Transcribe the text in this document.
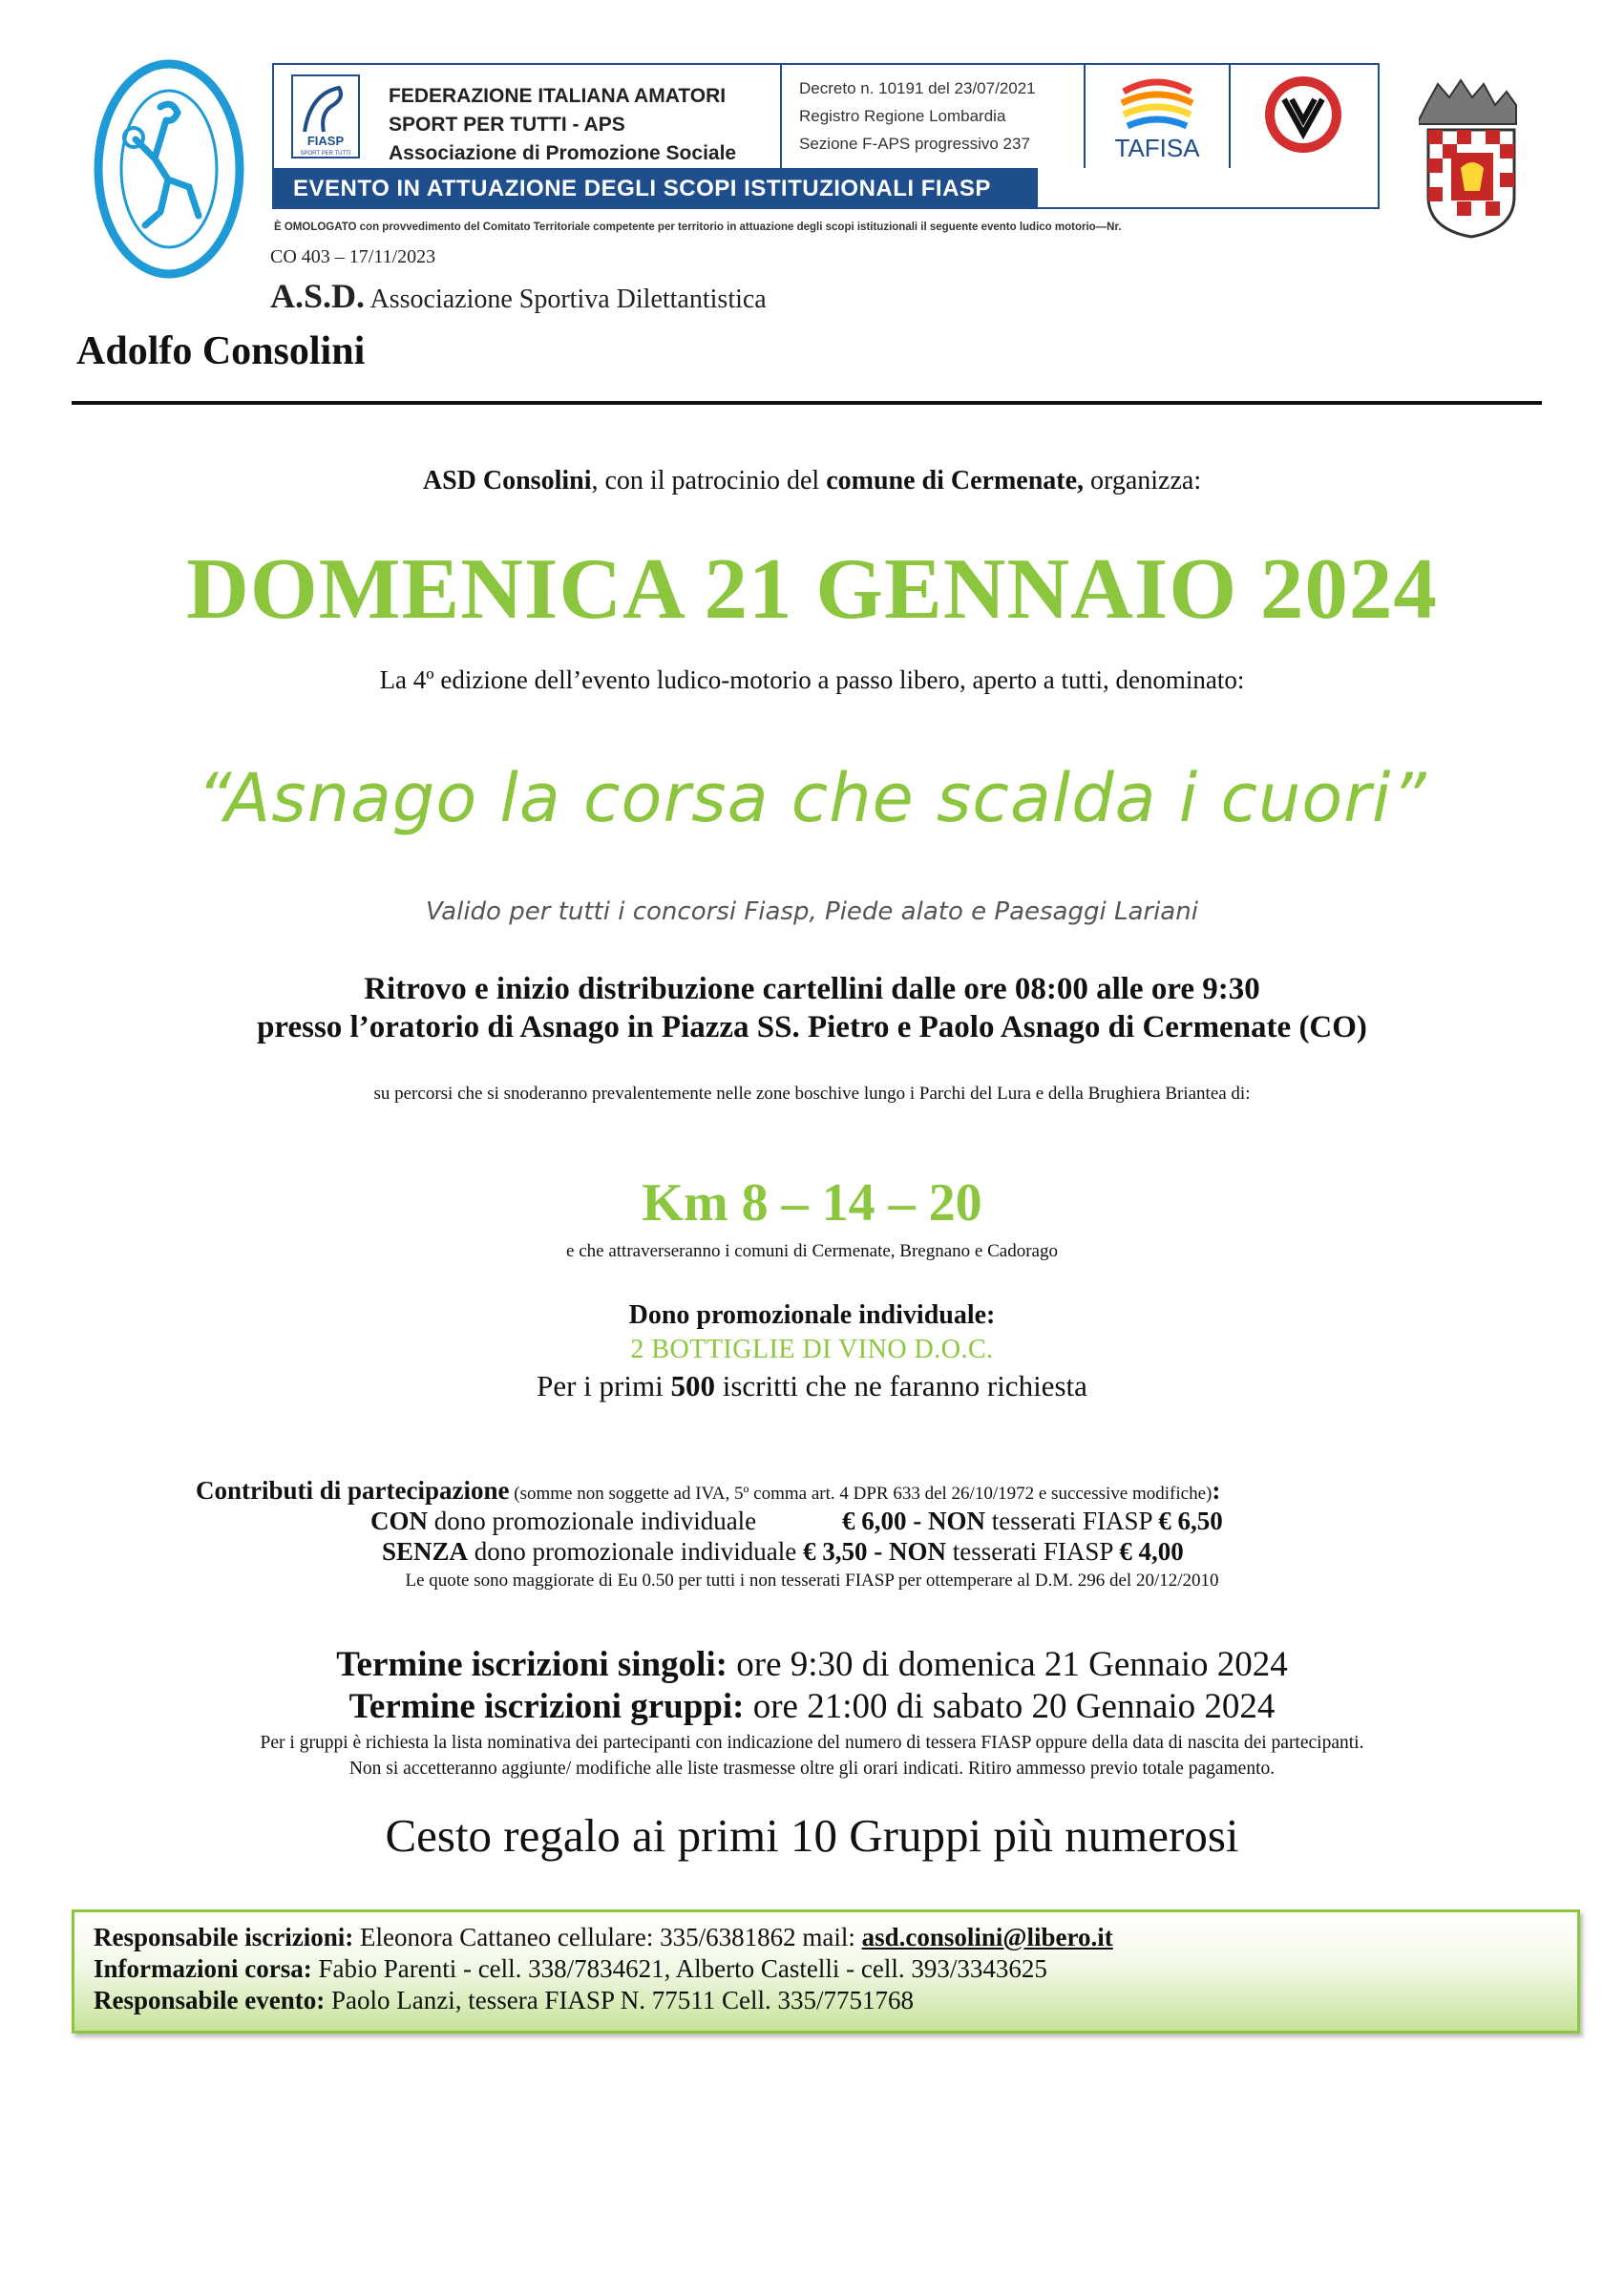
FIASP
SPORT PER TUTTI
FEDERAZIONE ITALIANA AMATORI
SPORT PER TUTTI - APS
Associazione di Promozione Sociale
Decreto n. 10191 del 23/07/2021
Registro Regione Lombardia
Sezione F-APS progressivo 237	TAFISA
EVENTO IN ATTUAZIONE DEGLI SCOPI ISTITUZIONALI FIASP
È OMOLOGATO con provvedimento del Comitato Territoriale competente per territorio in attuazione degli scopi istituzionali il seguente evento ludico motorio—Nr.
CO 403 – 17/11/2023
A.S.D. Associazione Sportiva Dilettantistica
Adolfo Consolini
ASD Consolini, con il patrocinio del comune di Cermenate, organizza:
DOMENICA 21 GENNAIO 2024
La 4º edizione dell’evento ludico-motorio a passo libero, aperto a tutti, denominato:
“Asnago la corsa che scalda i cuori”
Valido per tutti i concorsi Fiasp, Piede alato e Paesaggi Lariani
Ritrovo e inizio distribuzione cartellini dalle ore 08:00 alle ore 9:30
presso l’oratorio di Asnago in Piazza SS. Pietro e Paolo Asnago di Cermenate (CO)
su percorsi che si snoderanno prevalentemente nelle zone boschive lungo i Parchi del Lura e della Brughiera Briantea di:
Km 8 – 14 – 20
e che attraverseranno i comuni di Cermenate, Bregnano e Cadorago
Dono promozionale individuale:
2 BOTTIGLIE DI VINO D.O.C.
Per i primi 500 iscritti che ne faranno richiesta
Contributi di partecipazione (somme non soggette ad IVA, 5º comma art. 4 DPR 633 del 26/10/1972 e successive modifiche):
CON dono promozionale individuale	€ 6,00 - NON tesserati FIASP € 6,50
SENZA dono promozionale individuale € 3,50 - NON tesserati FIASP € 4,00
Le quote sono maggiorate di Eu 0.50 per tutti i non tesserati FIASP per ottemperare al D.M. 296 del 20/12/2010
Termine iscrizioni singoli: ore 9:30 di domenica 21 Gennaio 2024
Termine iscrizioni gruppi: ore 21:00 di sabato 20 Gennaio 2024
Per i gruppi è richiesta la lista nominativa dei partecipanti con indicazione del numero di tessera FIASP oppure della data di nascita dei partecipanti.
Non si accetteranno aggiunte/ modifiche alle liste trasmesse oltre gli orari indicati. Ritiro ammesso previo totale pagamento.
Cesto regalo ai primi 10 Gruppi più numerosi
Responsabile iscrizioni: Eleonora Cattaneo cellulare: 335/6381862 mail: asd.consolini@libero.it
Informazioni corsa: Fabio Parenti - cell. 338/7834621, Alberto Castelli - cell. 393/3343625
Responsabile evento: Paolo Lanzi, tessera FIASP N. 77511 Cell. 335/7751768
